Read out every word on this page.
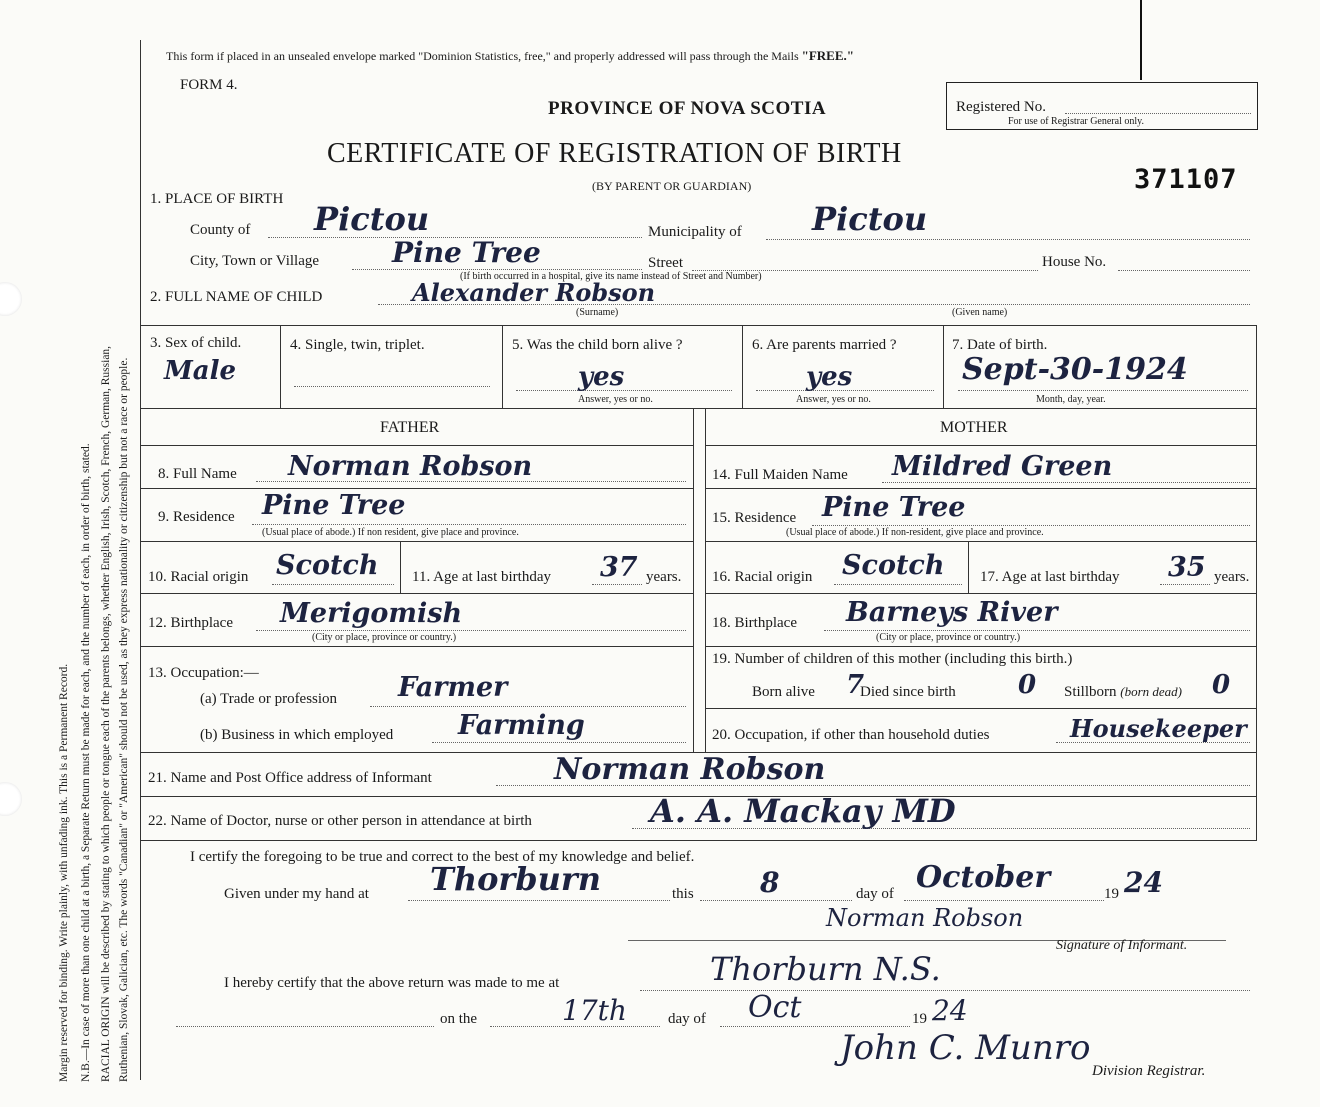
Margin reserved for binding. Write plainly, with unfading ink. This is a Permanent Record. N.B.—In case of more than one child at a birth, a Separate Return must be made for each, and the number of each, in order of birth, stated. RACIAL ORIGIN will be described by stating to which people or tongue each of the parents belongs, whether English, Irish, Scotch, French, German, Russian, Ruthenian, Slovak, Galician, etc. The words "Canadian" or "American" should not be used, as they express nationality or citizenship but not a race or people.
This form if placed in an unsealed envelope marked "Dominion Statistics, free," and properly addressed will pass through the Mails "FREE."
FORM 4.
PROVINCE OF NOVA SCOTIA
CERTIFICATE OF REGISTRATION OF BIRTH
(BY PARENT OR GUARDIAN)
Registered No.
For use of Registrar General only.
371107
1. PLACE OF BIRTH
County of Pictou	Municipality of Pictou
City, Town or Village	Pine Tree	Street	House No.
(If birth occurred in a hospital, give its name instead of Street and Number)
2. FULL NAME OF CHILD	Alexander Robson
(Surname)	(Given name)
3. Sex of child.
Male
4. Single, twin, triplet.	5. Was the child born alive ?
yes
Answer, yes or no.
6. Are parents married ?
yes
Answer, yes or no.
7. Date of birth.
Sept-30-1924
Month, day, year.
FATHER	MOTHER
8. Full Name Norman Robson
9. Residence Pine Tree
(Usual place of abode.) If non resident, give place and province.
10. Racial origin Scotch 11. Age at last birthday 37 years.
12. Birthplace Merigomish
(City or place, province or country.)
13. Occupation:—
(a) Trade or profession Farmer
(b) Business in which employed Farming
14. Full Maiden Name Mildred Green
15. Residence Pine Tree
(Usual place of abode.) If non-resident, give place and province.
16. Racial origin Scotch 17. Age at last birthday 35 years.
18. Birthplace Barneys River
(City or place, province or country.)
19. Number of children of this mother (including this birth.)
Born alive 7
Died since birth 0 Stillborn (born dead) 0
20. Occupation, if other than household duties	Housekeeper
21. Name and Post Office address of Informant	Norman Robson
22. Name of Doctor, nurse or other person in attendance at birth	A. A. Mackay MD
I certify the foregoing to be true and correct to the best of my knowledge and belief.
Given under my hand at Thorburn	this 8	day of October	19 24
Norman Robson
Signature of Informant.
I hereby certify that the above return was made to me at	Thorburn N.S.
on the	17th	day of Oct	19 24
John C. Munro
Division Registrar.
